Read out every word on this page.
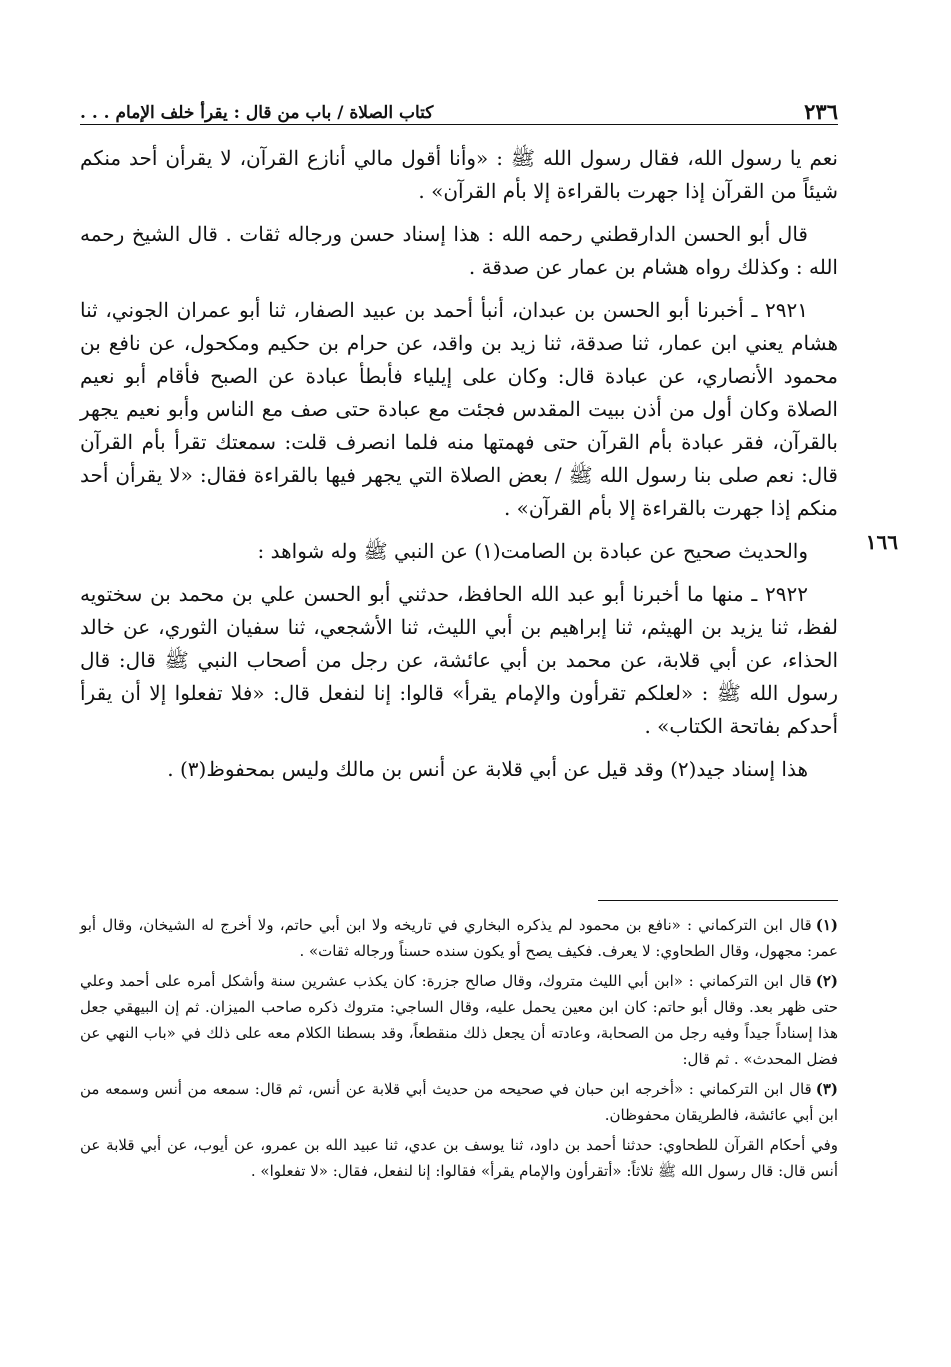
٢٣٦
كتاب الصلاة / باب من قال : يقرأ خلف الإمام . . .

نعم يا رسول الله، فقال رسول الله ﷺ : «وأنا أقول مالي أنازع القرآن، لا يقرأن أحد منكم شيئاً من القرآن إذا جهرت بالقراءة إلا بأم القرآن» .

قال أبو الحسن الدارقطني رحمه الله : هذا إسناد حسن ورجاله ثقات . قال الشيخ رحمه الله : وكذلك رواه هشام بن عمار عن صدقة .

٢٩٢١ ـ أخبرنا أبو الحسن بن عبدان، أنبأ أحمد بن عبيد الصفار، ثنا أبو عمران الجوني، ثنا هشام يعني ابن عمار، ثنا صدقة، ثنا زيد بن واقد، عن حرام بن حكيم ومكحول، عن نافع بن محمود الأنصاري، عن عبادة قال: وكان على إيلياء فأبطأ عبادة عن الصبح فأقام أبو نعيم الصلاة وكان أول من أذن ببيت المقدس فجئت مع عبادة حتى صف مع الناس وأبو نعيم يجهر بالقرآن، فقر عبادة بأم القرآن حتى فهمتها منه فلما انصرف قلت: سمعتك تقرأ بأم القرآن قال: نعم صلى بنا رسول الله ﷺ / بعض الصلاة التي يجهر فيها بالقراءة فقال: «لا يقرأن أحد منكم إذا جهرت بالقراءة إلا بأم القرآن» .

والحديث صحيح عن عبادة بن الصامت(١) عن النبي ﷺ وله شواهد :

٢٩٢٢ ـ منها ما أخبرنا أبو عبد الله الحافظ، حدثني أبو الحسن علي بن محمد بن سختويه لفظ، ثنا يزيد بن الهيثم، ثنا إبراهيم بن أبي الليث، ثنا الأشجعي، ثنا سفيان الثوري، عن خالد الحذاء، عن أبي قلابة، عن محمد بن أبي عائشة، عن رجل من أصحاب النبي ﷺ قال: قال رسول الله ﷺ : «لعلكم تقرأون والإمام يقرأ» قالوا: إنا لنفعل قال: «فلا تفعلوا إلا أن يقرأ أحدكم بفاتحة الكتاب» .

هذا إسناد جيد(٢) وقد قيل عن أبي قلابة عن أنس بن مالك وليس بمحفوظ(٣) .

١٦٦

(١)قال ابن التركماني : «نافع بن محمود لم يذكره البخاري في تاريخه ولا ابن أبي حاتم، ولا أخرج له الشيخان، وقال أبو عمر: مجهول، وقال الطحاوي: لا يعرف. فكيف يصح أو يكون سنده حسناً ورجاله ثقات» .

(٢)قال ابن التركماني : «ابن أبي الليث متروك، وقال صالح جزرة: كان يكذب عشرين سنة وأشكل أمره على أحمد وعلي حتى ظهر بعد. وقال أبو حاتم: كان ابن معين يحمل عليه، وقال الساجي: متروك ذكره صاحب الميزان. ثم إن البيهقي جعل هذا إسناداً جيداً وفيه رجل من الصحابة، وعادته أن يجعل ذلك منقطعاً، وقد بسطنا الكلام معه على ذلك في «باب النهي عن فضل المحدث» . ثم قال:

(٣)قال ابن التركماني : «أخرجه ابن حبان في صحيحه من حديث أبي قلابة عن أنس، ثم قال: سمعه من أنس وسمعه من ابن أبي عائشة، فالطريقان محفوظان.

وفي أحكام القرآن للطحاوي: حدثنا أحمد بن داود، ثنا يوسف بن عدي، ثنا عبيد الله بن عمرو، عن أيوب، عن أبي قلابة عن أنس قال: قال رسول الله ﷺ ثلاثاً: «أتقرأون والإمام يقرأ» فقالوا: إنا لنفعل، فقال: «لا تفعلوا» .
